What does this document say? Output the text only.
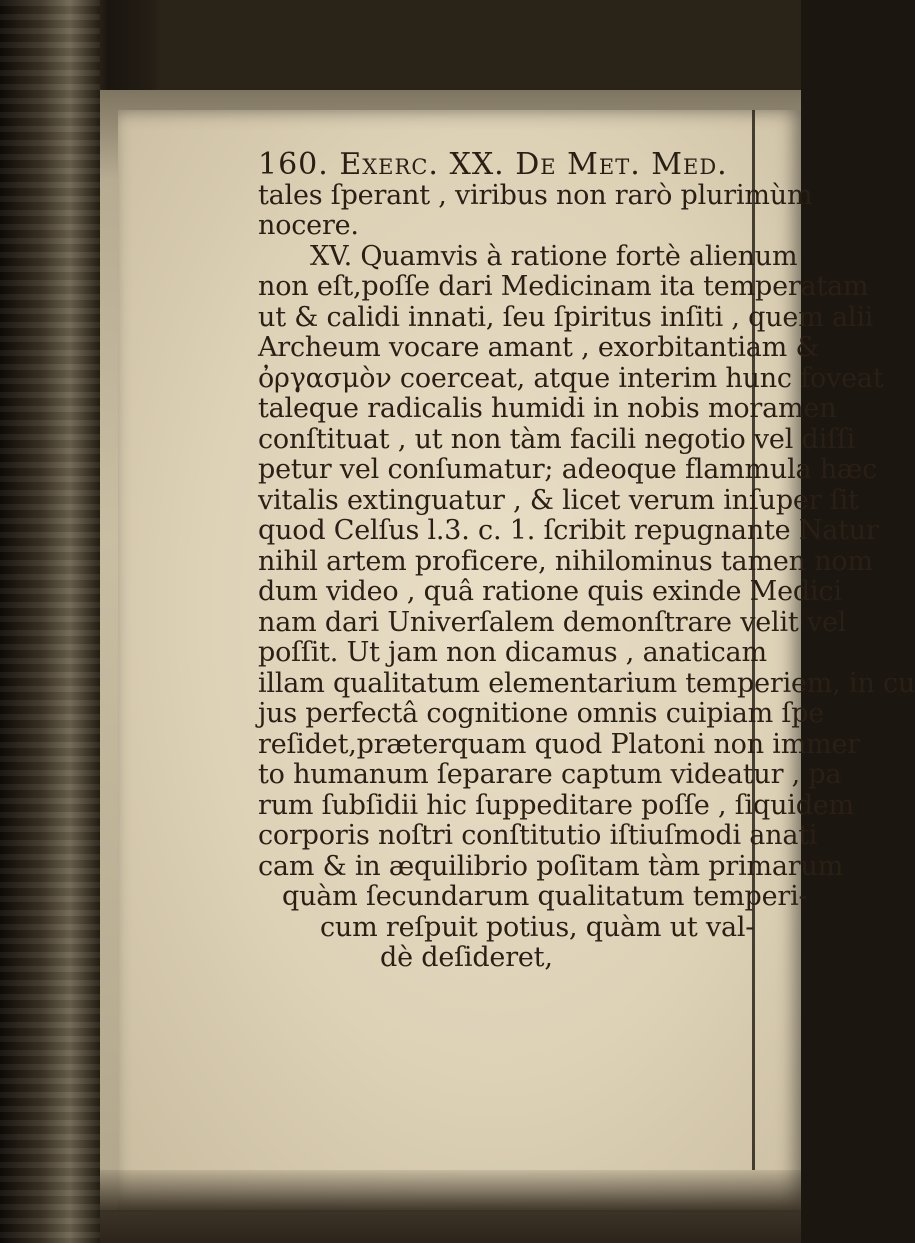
160. Exerc. XX. De Met. Med.
tales ſperant , viribus non rarò plurimùm
nocere.
XV. Quamvis à ratione fortè alienum
non eſt,poſſe dari Medicinam ita temperatam
ut & calidi innati, ſeu ſpiritus inſiti , quem alii
Archeum vocare amant , exorbitantiam &
ὀργασμὸν coerceat, atque interim hunc foveat
taleque radicalis humidi in nobis moramen
conſtituat , ut non tàm facili negotio vel diſſi
petur vel conſumatur; adeoque flammula hæc
vitalis extinguatur , & licet verum inſuper ſit
quod Celſus l.3. c. 1. ſcribit repugnante Natur
nihil artem proficere, nihilominus tamen nom
dum video , quâ ratione quis exinde Medici
nam dari Univerſalem demonſtrare velit vel
poſſit. Ut jam non dicamus , anaticam
illam qualitatum elementarium temperiem, in cu
jus perfectâ cognitione omnis cuipiam ſpe
reſidet,præterquam quod Platoni non immer
to humanum ſeparare captum videatur , pa
rum ſubſidii hic ſuppeditare poſſe , ſiquidem
corporis noſtri conſtitutio iſtiuſmodi anati
cam & in æquilibrio poſitam tàm primarum
quàm ſecundarum qualitatum temperi-
cum reſpuit potius, quàm ut val-
dè deſideret,
